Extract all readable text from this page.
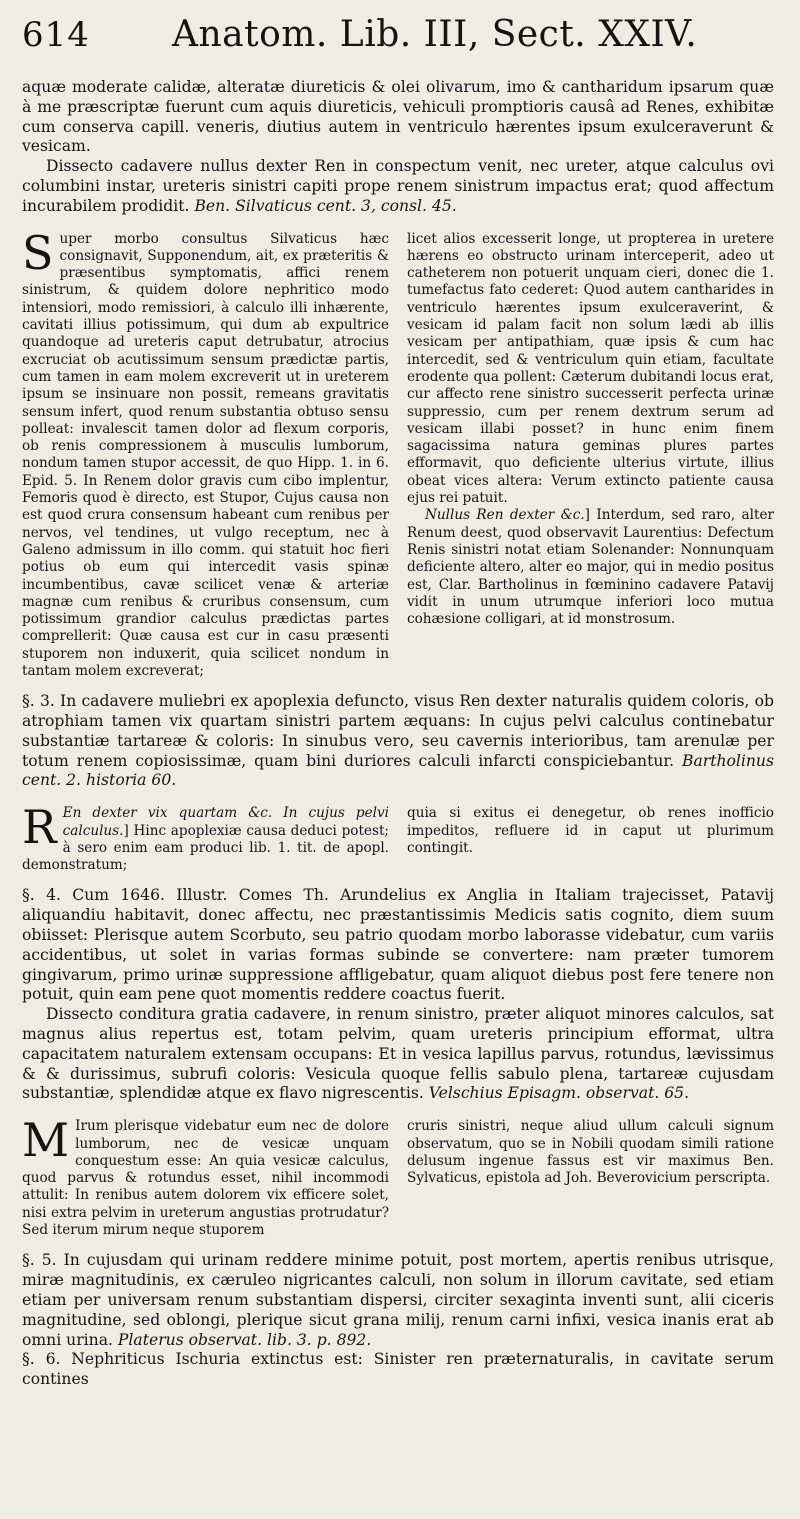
614	Anatom. Lib. III, Sect. XXIV.

aquæ moderate calidæ, alteratæ diureticis & olei olivarum, imo & cantharidum ipsarum quæ à me præscriptæ fuerunt cum aquis diureticis, vehiculi promptioris causâ ad Renes, exhibitæ cum conserva capill. veneris, diutius autem in ventriculo hærentes ipsum exulceraverunt & vesicam.

Dissecto cadavere nullus dexter Ren in conspectum venit, nec ureter, atque calculus ovi columbini instar, ureteris sinistri capiti prope renem sinistrum impactus erat; quod affectum incurabilem prodidit. Ben. Silvaticus cent. 3, consl. 45.

Super morbo consultus Silvaticus hæc consignavit, Supponendum, ait, ex præteritis & præsentibus symptomatis, affici renem sinistrum, & quidem dolore nephritico modo intensiori, modo remissiori, à calculo illi inhærente, cavitati illius potissimum, qui dum ab expultrice quandoque ad ureteris caput detrubatur, atrocius excruciat ob acutissimum sensum prædictæ partis, cum tamen in eam molem excreverit ut in ureterem ipsum se insinuare non possit, remeans gravitatis sensum infert, quod renum substantia obtuso sensu polleat: invalescit tamen dolor ad flexum corporis, ob renis compressionem à musculis lumborum, nondum tamen stupor accessit, de quo Hipp. 1. in 6. Epid. 5. In Renem dolor gravis cum cibo implentur, Femoris quod è directo, est Stupor, Cujus causa non est quod crura consensum habeant cum renibus per nervos, vel tendines, ut vulgo receptum, nec à Galeno admissum in illo comm. qui statuit hoc fieri potius ob eum qui intercedit vasis spinæ incumbentibus, cavæ scilicet venæ & arteriæ magnæ cum renibus & cruribus consensum, cum potissimum grandior calculus prædictas partes comprellerit: Quæ causa est cur in casu præsenti stuporem non induxerit, quia scilicet nondum in tantam molem excreverat;

licet alios excesserit longe, ut propterea in uretere hærens eo obstructo urinam interceperit, adeo ut catheterem non potuerit unquam cieri, donec die 1. tumefactus fato cederet: Quod autem cantharides in ventriculo hærentes ipsum exulceraverint, & vesicam id palam facit non solum lædi ab illis vesicam per antipathiam, quæ ipsis & cum hac intercedit, sed & ventriculum quin etiam, facultate erodente qua pollent: Cæterum dubitandi locus erat, cur affecto rene sinistro successerit perfecta urinæ suppressio, cum per renem dextrum serum ad vesicam illabi posset? in hunc enim finem sagacissima natura geminas plures partes efformavit, quo deficiente ulterius virtute, illius obeat vices altera: Verum extincto patiente causa ejus rei patuit.

Nullus Ren dexter &c.] Interdum, sed raro, alter Renum deest, quod observavit Laurentius: Defectum Renis sinistri notat etiam Solenander: Nonnunquam deficiente altero, alter eo major, qui in medio positus est, Clar. Bartholinus in fœminino cadavere Patavij vidit in unum utrumque inferiori loco mutua cohæsione colligari, at id monstrosum.

§. 3. In cadavere muliebri ex apoplexia defuncto, visus Ren dexter naturalis quidem coloris, ob atrophiam tamen vix quartam sinistri partem æquans: In cujus pelvi calculus continebatur substantiæ tartareæ & coloris: In sinubus vero, seu cavernis interioribus, tam arenulæ per totum renem copiosissimæ, quam bini duriores calculi infarcti conspiciebantur. Bartholinus cent. 2. historia 60.

R En dexter vix quartam &c. In cujus pelvi calculus.] Hinc apoplexiæ causa deduci potest; à sero enim eam produci lib. 1. tit. de apopl. demonstratum;

quia si exitus ei denegetur, ob renes inofficio impeditos, refluere id in caput ut plurimum contingit.

§. 4. Cum 1646. Illustr. Comes Th. Arundelius ex Anglia in Italiam trajecisset, Patavij aliquandiu habitavit, donec affectu, nec præstantissimis Medicis satis cognito, diem suum obiisset: Plerisque autem Scorbuto, seu patrio quodam morbo laborasse videbatur, cum variis accidentibus, ut solet in varias formas subinde se convertere: nam præter tumorem gingivarum, primo urinæ suppressione affligebatur, quam aliquot diebus post fere tenere non potuit, quin eam pene quot momentis reddere coactus fuerit.

Dissecto conditura gratia cadavere, in renum sinistro, præter aliquot minores calculos, sat magnus alius repertus est, totam pelvim, quam ureteris principium efformat, ultra capacitatem naturalem extensam occupans: Et in vesica lapillus parvus, rotundus, lævissimus & & durissimus, subrufi coloris: Vesicula quoque fellis sabulo plena, tartareæ cujusdam substantiæ, splendidæ atque ex flavo nigrescentis. Velschius Episagm. observat. 65.

M Irum plerisque videbatur eum nec de dolore lumborum, nec de vesicæ unquam conquestum esse: An quia vesicæ calculus, quod parvus & rotundus esset, nihil incommodi attulit: In renibus autem dolorem vix efficere solet, nisi extra pelvim in ureterum angustias protrudatur? Sed iterum mirum neque stuporem

cruris sinistri, neque aliud ullum calculi signum observatum, quo se in Nobili quodam simili ratione delusum ingenue fassus est vir maximus Ben. Sylvaticus, epistola ad Joh. Beverovicium perscripta.

§. 5. In cujusdam qui urinam reddere minime potuit, post mortem, apertis renibus utrisque, miræ magnitudinis, ex cæruleo nigricantes calculi, non solum in illorum cavitate, sed etiam etiam per universam renum substantiam dispersi, circiter sexaginta inventi sunt, alii ciceris magnitudine, sed oblongi, plerique sicut grana milij, renum carni infixi, vesica inanis erat ab omni urina. Platerus observat. lib. 3. p. 892.

§. 6. Nephriticus Ischuria extinctus est: Sinister ren præternaturalis, in cavitate serum contines
